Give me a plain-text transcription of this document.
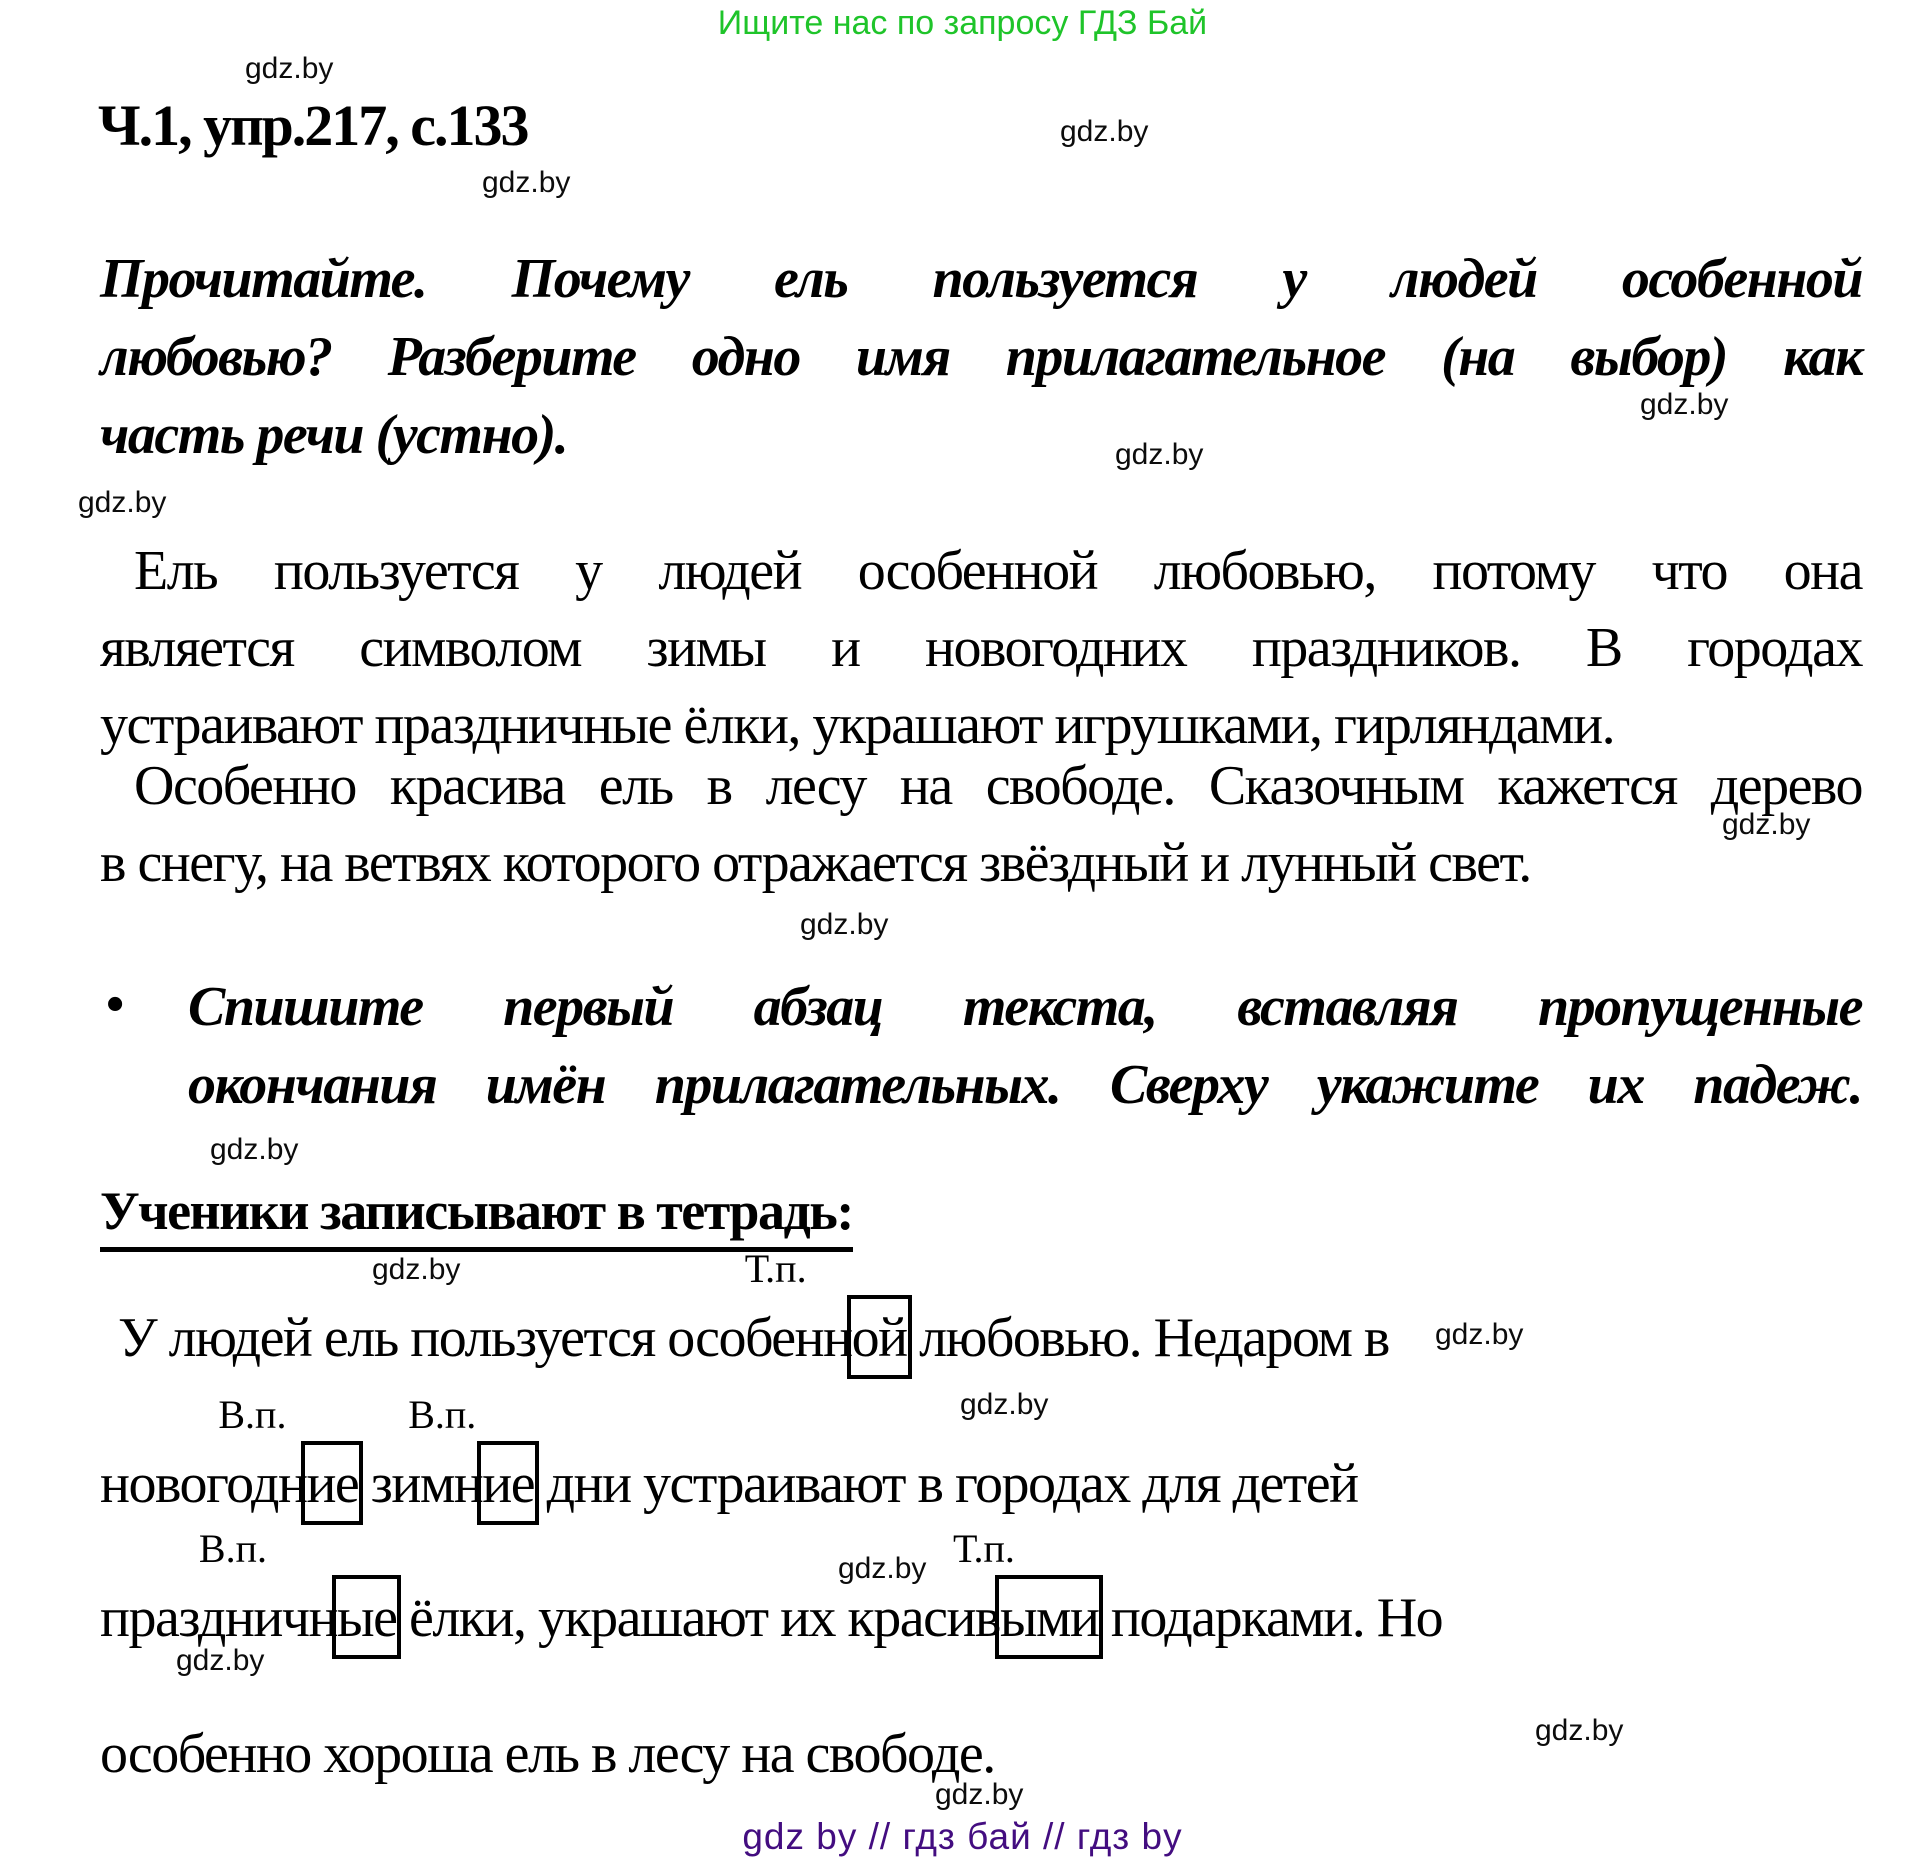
Ищите нас по запросу ГДЗ Бай
gdz.by
gdz.by
gdz.by
gdz.by
gdz.by
gdz.by
gdz.by
gdz.by
gdz.by
gdz.by
gdz.by
gdz.by
gdz.by
gdz.by
gdz.by
gdz.by
Ч.1, упр.217, с.133
Прочитайте. Почему ель пользуется у людей особенной
любовью? Разберите одно имя прилагательное (на выбор) как
часть речи (устно).
Ель пользуется у людей особенной любовью, потому что она
является символом зимы и новогодних праздников. В городах
устраивают праздничные ёлки, украшают игрушками, гирляндами.
Особенно красива ель в лесу на свободе. Сказочным кажется дерево
в снегу, на ветвях которого отражается звёздный и лунный свет.
• Спишите первый абзац текста, вставляя пропущенные
окончания имён прилагательных. Сверху укажите их падеж.
Ученики записывают в тетрадь:
У людей ель пользуется особенн
Т.п.
ой любовью. Недаром в
новогодн
В.п.
ие зимн
В.п.
ие дни устраивают в городах для детей
праздничн
В.п.
ые ёлки, украшают их красив
Т.п.
ыми подарками. Но
особенно хороша ель в лесу на свободе.
gdz by // гдз бай // гдз by
